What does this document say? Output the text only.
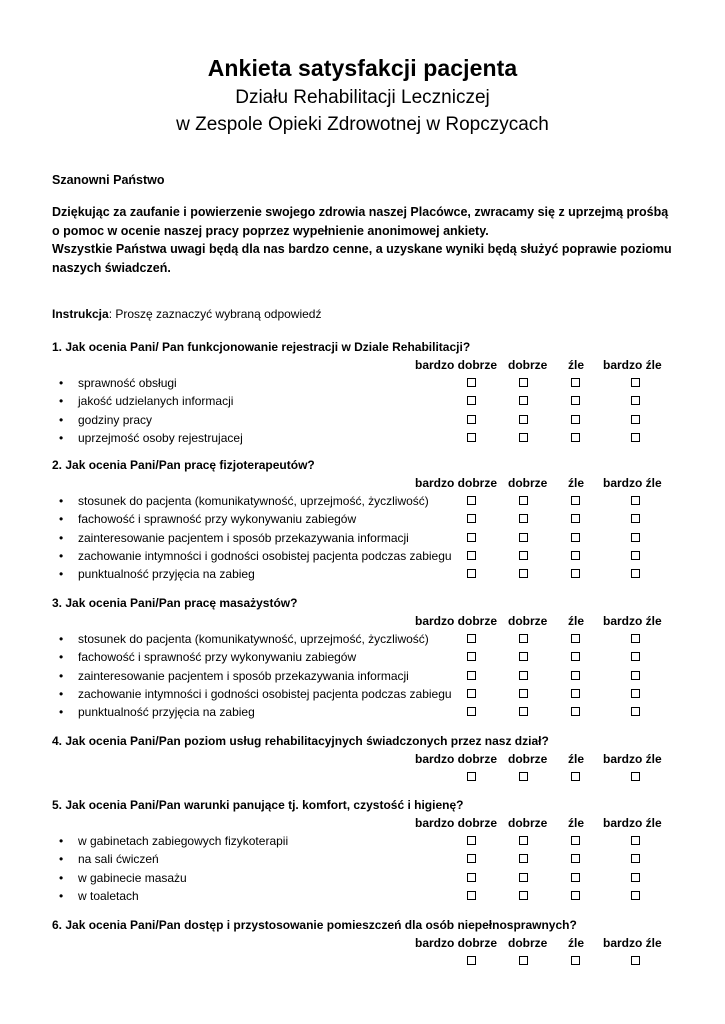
Ankieta satysfakcji pacjenta
Działu Rehabilitacji Leczniczej
w Zespole Opieki Zdrowotnej w Ropczycach
Szanowni Państwo
Dziękując za zaufanie i powierzenie swojego zdrowia naszej Placówce, zwracamy się z uprzejmą prośbą
o pomoc w ocenie naszej pracy poprzez wypełnienie anonimowej ankiety.
Wszystkie Państwa uwagi będą dla nas bardzo cenne, a uzyskane wyniki będą służyć poprawie poziomu
naszych świadczeń.
Instrukcja: Proszę zaznaczyć wybraną odpowiedź
1. Jak ocenia Pani/ Pan funkcjonowanie rejestracji w Dziale Rehabilitacji?
bardzo dobrze dobrze źle bardzo źle
• sprawność obsługi
• jakość udzielanych informacji
• godziny pracy
• uprzejmość osoby rejestrujacej
2. Jak ocenia Pani/Pan pracę fizjoterapeutów?
bardzo dobrze dobrze źle bardzo źle
• stosunek do pacjenta (komunikatywność, uprzejmość, życzliwość)
• fachowość i sprawność przy wykonywaniu zabiegów
• zainteresowanie pacjentem i sposób przekazywania informacji
• zachowanie intymności i godności osobistej pacjenta podczas zabiegu
• punktualność przyjęcia na zabieg
3. Jak ocenia Pani/Pan pracę masażystów?
bardzo dobrze dobrze źle bardzo źle
• stosunek do pacjenta (komunikatywność, uprzejmość, życzliwość)
• fachowość i sprawność przy wykonywaniu zabiegów
• zainteresowanie pacjentem i sposób przekazywania informacji
• zachowanie intymności i godności osobistej pacjenta podczas zabiegu
• punktualność przyjęcia na zabieg
4. Jak ocenia Pani/Pan poziom usług rehabilitacyjnych świadczonych przez nasz dział?
bardzo dobrze dobrze źle bardzo źle
5. Jak ocenia Pani/Pan warunki panujące tj. komfort, czystość i higienę?
bardzo dobrze dobrze źle bardzo źle
• w gabinetach zabiegowych fizykoterapii
• na sali ćwiczeń
• w gabinecie masażu
• w toaletach
6. Jak ocenia Pani/Pan dostęp i przystosowanie pomieszczeń dla osób niepełnosprawnych?
bardzo dobrze dobrze źle bardzo źle
